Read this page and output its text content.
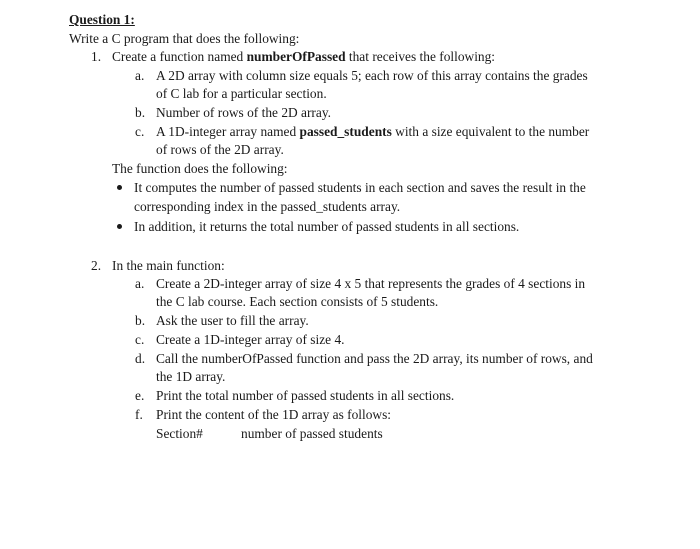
Question 1:
Write a C program that does the following:
1. Create a function named numberOfPassed that receives the following:
a. A 2D array with column size equals 5; each row of this array contains the grades
of C lab for a particular section.
b. Number of rows of the 2D array.
c. A 1D-integer array named passed_students with a size equivalent to the number
of rows of the 2D array.
The function does the following:
It computes the number of passed students in each section and saves the result in the
corresponding index in the passed_students array.
In addition, it returns the total number of passed students in all sections.
2. In the main function:
a. Create a 2D-integer array of size 4 x 5 that represents the grades of 4 sections in
the C lab course. Each section consists of 5 students.
b. Ask the user to fill the array.
c. Create a 1D-integer array of size 4.
d. Call the numberOfPassed function and pass the 2D array, its number of rows, and
the 1D array.
e. Print the total number of passed students in all sections.
f. Print the content of the 1D array as follows:
Section#	number of passed students
